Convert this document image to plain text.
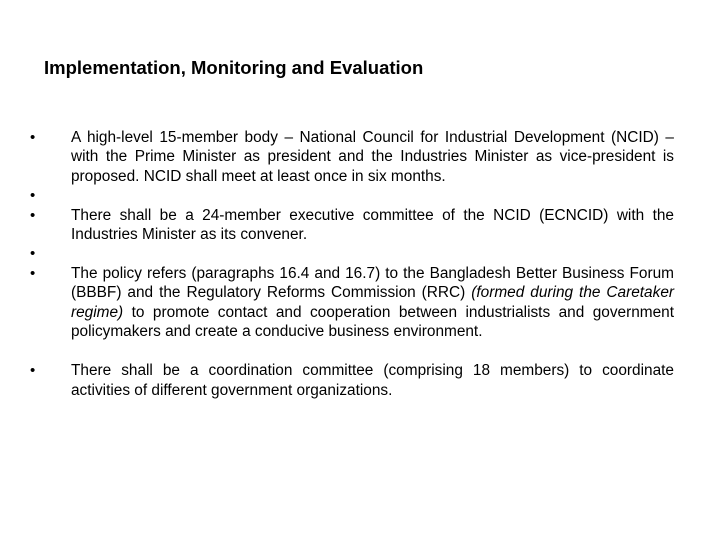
Implementation, Monitoring and Evaluation
•	A high-level 15-member body – National Council for Industrial Development (NCID) – with the Prime Minister as president and the Industries Minister as vice-president is proposed. NCID shall meet at least once in six months.
•
•	There shall be a 24-member executive committee of the NCID (ECNCID) with the Industries Minister as its convener.
•
•	The policy refers (paragraphs 16.4 and 16.7) to the Bangladesh Better Business Forum (BBBF) and the Regulatory Reforms Commission (RRC) (formed during the Caretaker regime) to promote contact and cooperation between industrialists and government policymakers and create a conducive business environment.
•	There shall be a coordination committee (comprising 18 members) to coordinate activities of different government organizations.
